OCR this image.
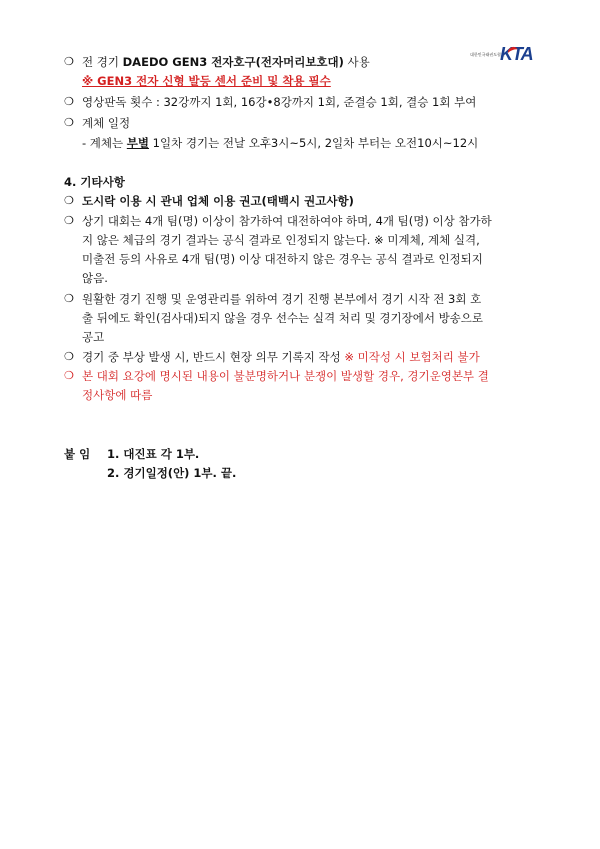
대한민국태권도협회
KTA
❍ 전 경기 DAEDO GEN3 전자호구(전자머리보호대) 사용
※ GEN3 전자 신형 발등 센서 준비 및 착용 필수
❍ 영상판독 횟수 : 32강까지 1회, 16강•8강까지 1회, 준결승 1회, 결승 1회 부여
❍ 계체 일정
- 계체는 부별 1일차 경기는 전날 오후3시~5시, 2일차 부터는 오전10시~12시
4. 기타사항
❍ 도시락 이용 시 관내 업체 이용 권고(태백시 권고사항)
❍ 상기 대회는 4개 팀(명) 이상이 참가하여 대전하여야 하며, 4개 팀(명) 이상 참가하
지 않은 체급의 경기 결과는 공식 결과로 인정되지 않는다. ※ 미계체, 계체 실격,
미출전 등의 사유로 4개 팀(명) 이상 대전하지 않은 경우는 공식 결과로 인정되지
않음.
❍ 원활한 경기 진행 및 운영관리를 위하여 경기 진행 본부에서 경기 시작 전 3회 호
출 뒤에도 확인(검사대)되지 않을 경우 선수는 실격 처리 및 경기장에서 방송으로
공고
❍ 경기 중 부상 발생 시, 반드시 현장 의무 기록지 작성 ※ 미작성 시 보험처리 불가
❍ 본 대회 요강에 명시된 내용이 불분명하거나 분쟁이 발생할 경우, 경기운영본부 결
정사항에 따름
붙 임 1. 대진표 각 1부.
2. 경기일정(안) 1부. 끝.
